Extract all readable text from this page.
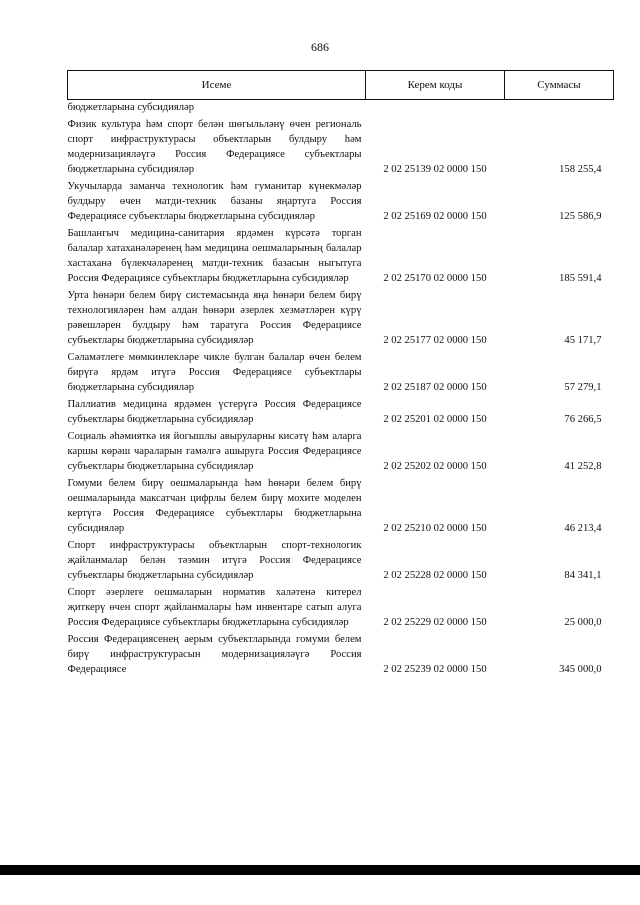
686
Исеме	Керем коды	Суммасы
бюджетларына субсидияләр		
Физик культура һәм спорт белән шөгыльләнү өчен региональ спорт инфраструктурасы объектларын булдыру һәм модернизацияләүгә Россия Федерациясе субъектлары бюджетларына субсидияләр	2 02 25139 02 0000 150	158 255,4
Укучыларда заманча технологик һәм гуманитар күнекмәләр булдыру өчен матди-техник базаны яңартуга Россия Федерациясе субъектлары бюджетларына субсидияләр	2 02 25169 02 0000 150	125 586,9
Башлангыч медицина-санитария ярдәмен күрсәтә торган балалар хатаханәләренең һәм медицина оешмаларының балалар хастаханә бүлекчәләренең матди-техник базасын ныгытуга Россия Федерациясе субъектлары бюджетларына субсидияләр	2 02 25170 02 0000 150	185 591,4
Урта һөнәри белем бирү системасында яңа һөнәри белем бирү технологияләрен һәм алдан һөнәри әзерлек хезмәтләрен күрү рәвешләрен булдыру һәм таратуга Россия Федерациясе субъектлары бюджетларына субсидияләр	2 02 25177 02 0000 150	45 171,7
Сәламәтлеге мөмкинлекләре чикле булган балалар өчен белем бирүгә ярдәм итүгә Россия Федерациясе субъектлары бюджетларына субсидияләр	2 02 25187 02 0000 150	57 279,1
Паллиатив медицина ярдәмен үстерүгә Россия Федерациясе субъектлары бюджетларына субсидияләр	2 02 25201 02 0000 150	76 266,5
Социаль әһәмияткә ия йогышлы авыруларны кисәтү һәм аларга каршы көрәш чараларын гамәлгә ашыруга Россия Федерациясе субъектлары бюджетларына субсидияләр	2 02 25202 02 0000 150	41 252,8
Гомуми белем бирү оешмаларында һәм һөнәри белем бирү оешмаларында максатчан цифрлы белем бирү мохите моделен кертүгә Россия Федерациясе субъектлары бюджетларына субсидияләр	2 02 25210 02 0000 150	46 213,4
Спорт инфраструктурасы объектларын спорт-технологик җайланмалар белән тәэмин итүгә Россия Федерациясе субъектлары бюджетларына субсидияләр	2 02 25228 02 0000 150	84 341,1
Спорт әзерлеге оешмаларын норматив халәтенә китерел җиткерү өчен спорт җайланмалары һәм инвентаре сатып алуга Россия Федерациясе субъектлары бюджетларына субсидияләр	2 02 25229 02 0000 150	25 000,0
Россия Федерациясенең аерым субъектларында гомуми белем бирү инфраструктурасын модернизацияләүгә Россия Федерациясе	2 02 25239 02 0000 150	345 000,0
